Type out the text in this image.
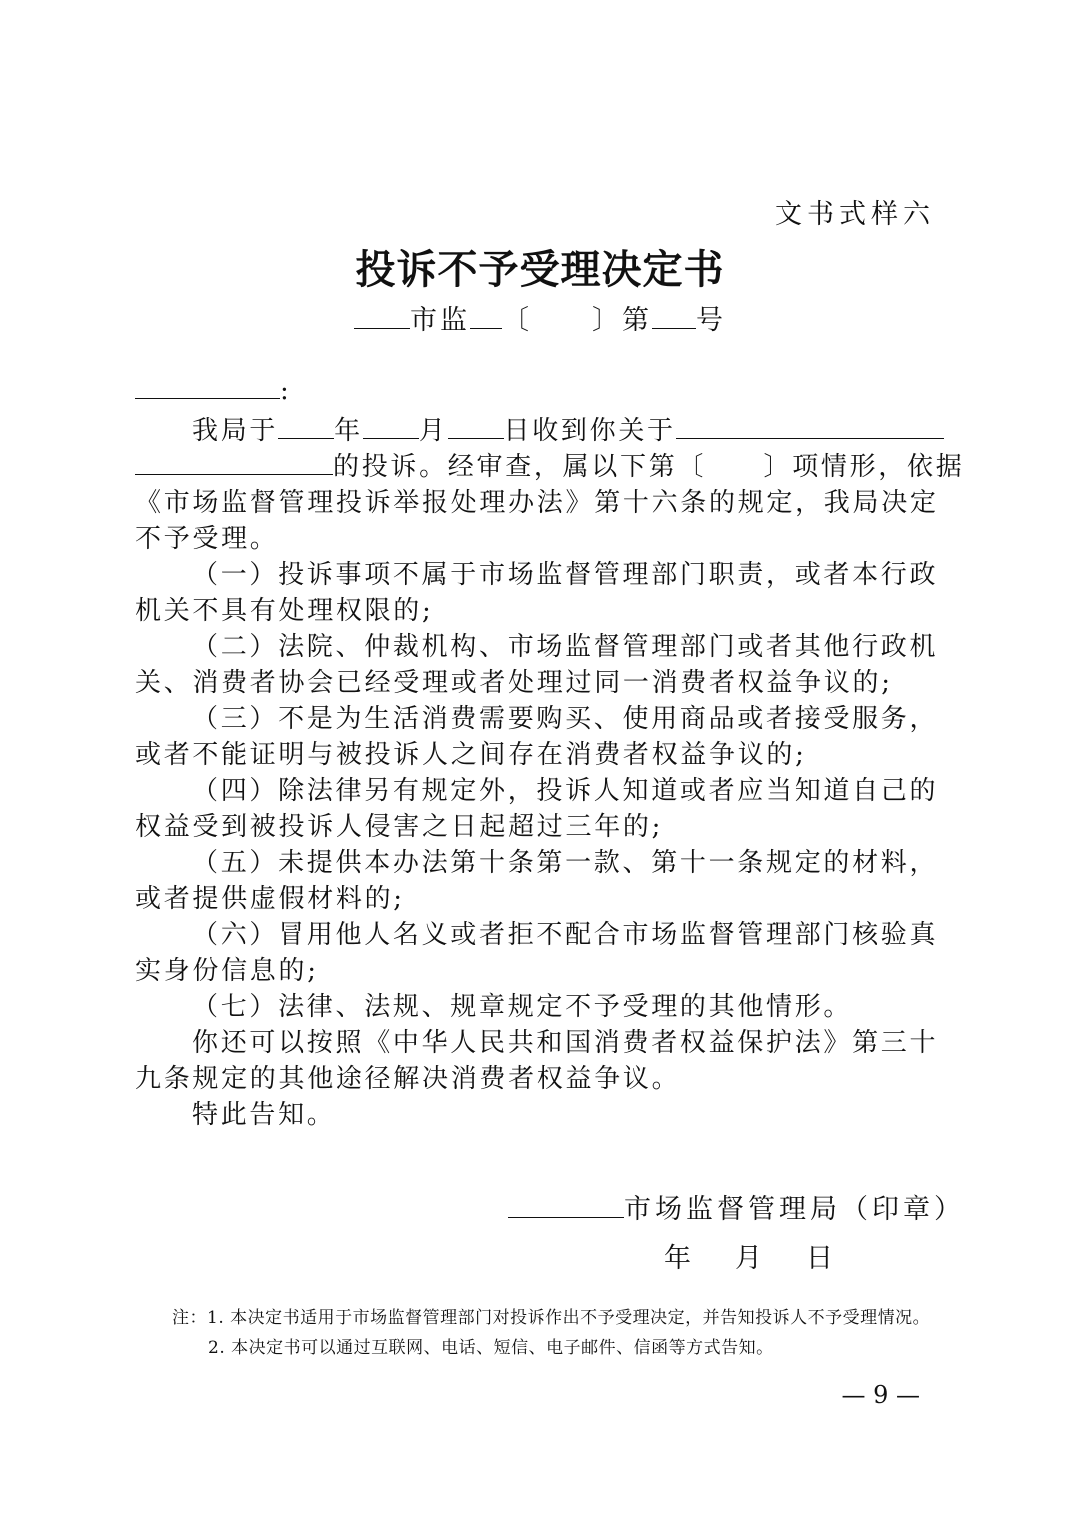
文书式样六
投诉不予受理决定书
市监 〔　　〕第 号
:
我局于 年 月 日收到你关于
的投诉。经审查，属以下第〔　　〕项情形，依据
《市场监督管理投诉举报处理办法》第十六条的规定，我局决定
不予受理。
（一）投诉事项不属于市场监督管理部门职责，或者本行政
机关不具有处理权限的;
（二）法院、仲裁机构、市场监督管理部门或者其他行政机
关、消费者协会已经受理或者处理过同一消费者权益争议的;
（三）不是为生活消费需要购买、使用商品或者接受服务，
或者不能证明与被投诉人之间存在消费者权益争议的;
（四）除法律另有规定外，投诉人知道或者应当知道自己的
权益受到被投诉人侵害之日起超过三年的;
（五）未提供本办法第十条第一款、第十一条规定的材料，
或者提供虚假材料的;
（六）冒用他人名义或者拒不配合市场监督管理部门核验真
实身份信息的;
（七）法律、法规、规章规定不予受理的其他情形。
你还可以按照《中华人民共和国消费者权益保护法》第三十
九条规定的其他途径解决消费者权益争议。
特此告知。
市场监督管理局（印章）
年 月 日
注：1. 本决定书适用于市场监督管理部门对投诉作出不予受理决定，并告知投诉人不予受理情况。
2. 本决定书可以通过互联网、电话、短信、电子邮件、信函等方式告知。
— 9 —
